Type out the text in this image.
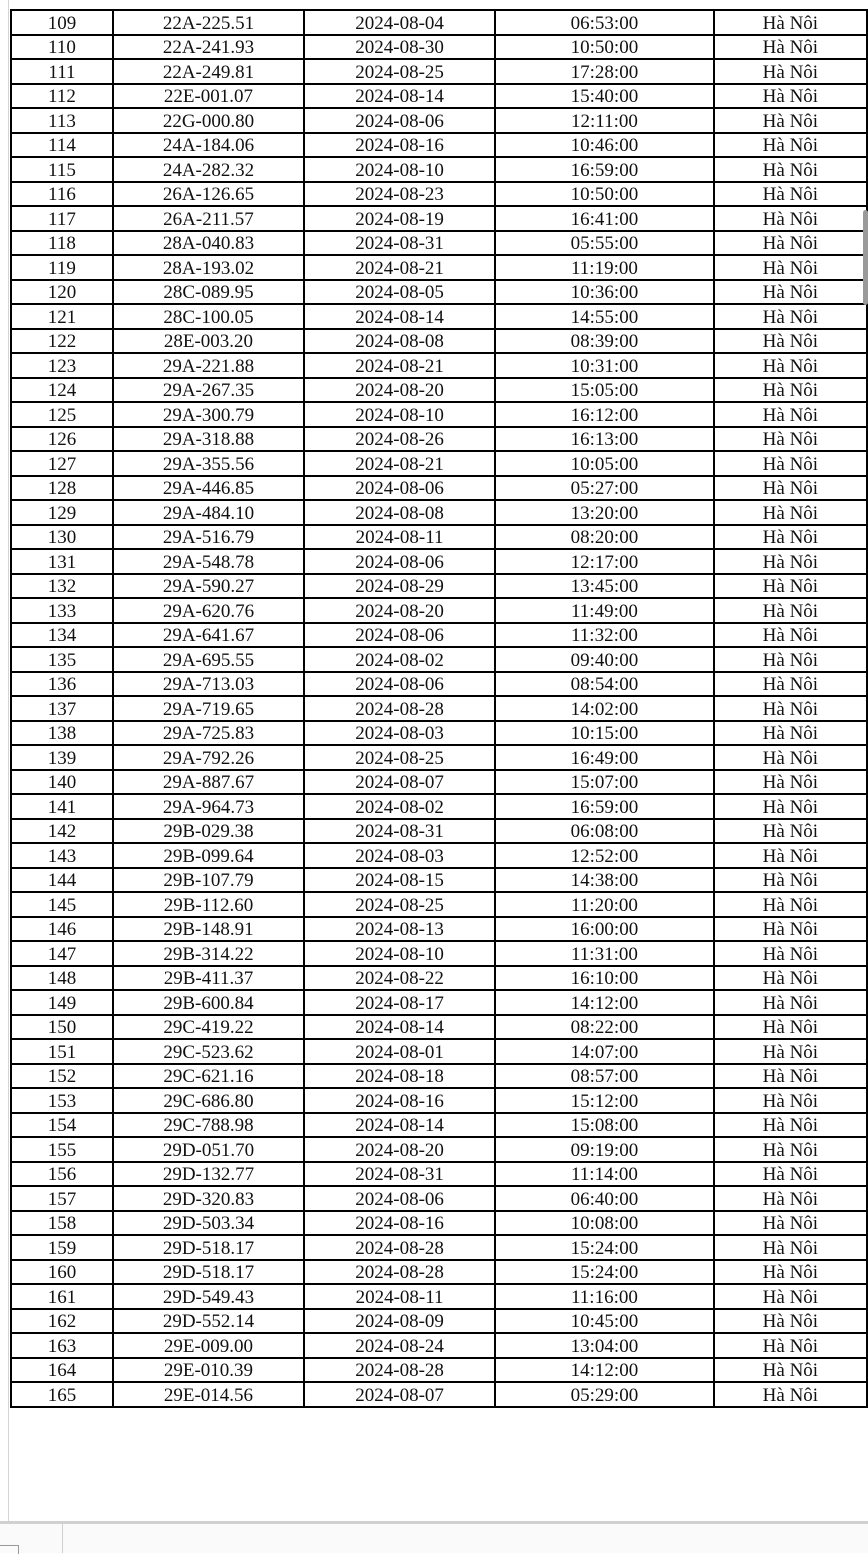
109	22A-225.51	2024-08-04	06:53:00	Hà Nôi
110	22A-241.93	2024-08-30	10:50:00	Hà Nôi
111	22A-249.81	2024-08-25	17:28:00	Hà Nôi
112	22E-001.07	2024-08-14	15:40:00	Hà Nôi
113	22G-000.80	2024-08-06	12:11:00	Hà Nôi
114	24A-184.06	2024-08-16	10:46:00	Hà Nôi
115	24A-282.32	2024-08-10	16:59:00	Hà Nôi
116	26A-126.65	2024-08-23	10:50:00	Hà Nôi
117	26A-211.57	2024-08-19	16:41:00	Hà Nôi
118	28A-040.83	2024-08-31	05:55:00	Hà Nôi
119	28A-193.02	2024-08-21	11:19:00	Hà Nôi
120	28C-089.95	2024-08-05	10:36:00	Hà Nôi
121	28C-100.05	2024-08-14	14:55:00	Hà Nôi
122	28E-003.20	2024-08-08	08:39:00	Hà Nôi
123	29A-221.88	2024-08-21	10:31:00	Hà Nôi
124	29A-267.35	2024-08-20	15:05:00	Hà Nôi
125	29A-300.79	2024-08-10	16:12:00	Hà Nôi
126	29A-318.88	2024-08-26	16:13:00	Hà Nôi
127	29A-355.56	2024-08-21	10:05:00	Hà Nôi
128	29A-446.85	2024-08-06	05:27:00	Hà Nôi
129	29A-484.10	2024-08-08	13:20:00	Hà Nôi
130	29A-516.79	2024-08-11	08:20:00	Hà Nôi
131	29A-548.78	2024-08-06	12:17:00	Hà Nôi
132	29A-590.27	2024-08-29	13:45:00	Hà Nôi
133	29A-620.76	2024-08-20	11:49:00	Hà Nôi
134	29A-641.67	2024-08-06	11:32:00	Hà Nôi
135	29A-695.55	2024-08-02	09:40:00	Hà Nôi
136	29A-713.03	2024-08-06	08:54:00	Hà Nôi
137	29A-719.65	2024-08-28	14:02:00	Hà Nôi
138	29A-725.83	2024-08-03	10:15:00	Hà Nôi
139	29A-792.26	2024-08-25	16:49:00	Hà Nôi
140	29A-887.67	2024-08-07	15:07:00	Hà Nôi
141	29A-964.73	2024-08-02	16:59:00	Hà Nôi
142	29B-029.38	2024-08-31	06:08:00	Hà Nôi
143	29B-099.64	2024-08-03	12:52:00	Hà Nôi
144	29B-107.79	2024-08-15	14:38:00	Hà Nôi
145	29B-112.60	2024-08-25	11:20:00	Hà Nôi
146	29B-148.91	2024-08-13	16:00:00	Hà Nôi
147	29B-314.22	2024-08-10	11:31:00	Hà Nôi
148	29B-411.37	2024-08-22	16:10:00	Hà Nôi
149	29B-600.84	2024-08-17	14:12:00	Hà Nôi
150	29C-419.22	2024-08-14	08:22:00	Hà Nôi
151	29C-523.62	2024-08-01	14:07:00	Hà Nôi
152	29C-621.16	2024-08-18	08:57:00	Hà Nôi
153	29C-686.80	2024-08-16	15:12:00	Hà Nôi
154	29C-788.98	2024-08-14	15:08:00	Hà Nôi
155	29D-051.70	2024-08-20	09:19:00	Hà Nôi
156	29D-132.77	2024-08-31	11:14:00	Hà Nôi
157	29D-320.83	2024-08-06	06:40:00	Hà Nôi
158	29D-503.34	2024-08-16	10:08:00	Hà Nôi
159	29D-518.17	2024-08-28	15:24:00	Hà Nôi
160	29D-518.17	2024-08-28	15:24:00	Hà Nôi
161	29D-549.43	2024-08-11	11:16:00	Hà Nôi
162	29D-552.14	2024-08-09	10:45:00	Hà Nôi
163	29E-009.00	2024-08-24	13:04:00	Hà Nôi
164	29E-010.39	2024-08-28	14:12:00	Hà Nôi
165	29E-014.56	2024-08-07	05:29:00	Hà Nôi
